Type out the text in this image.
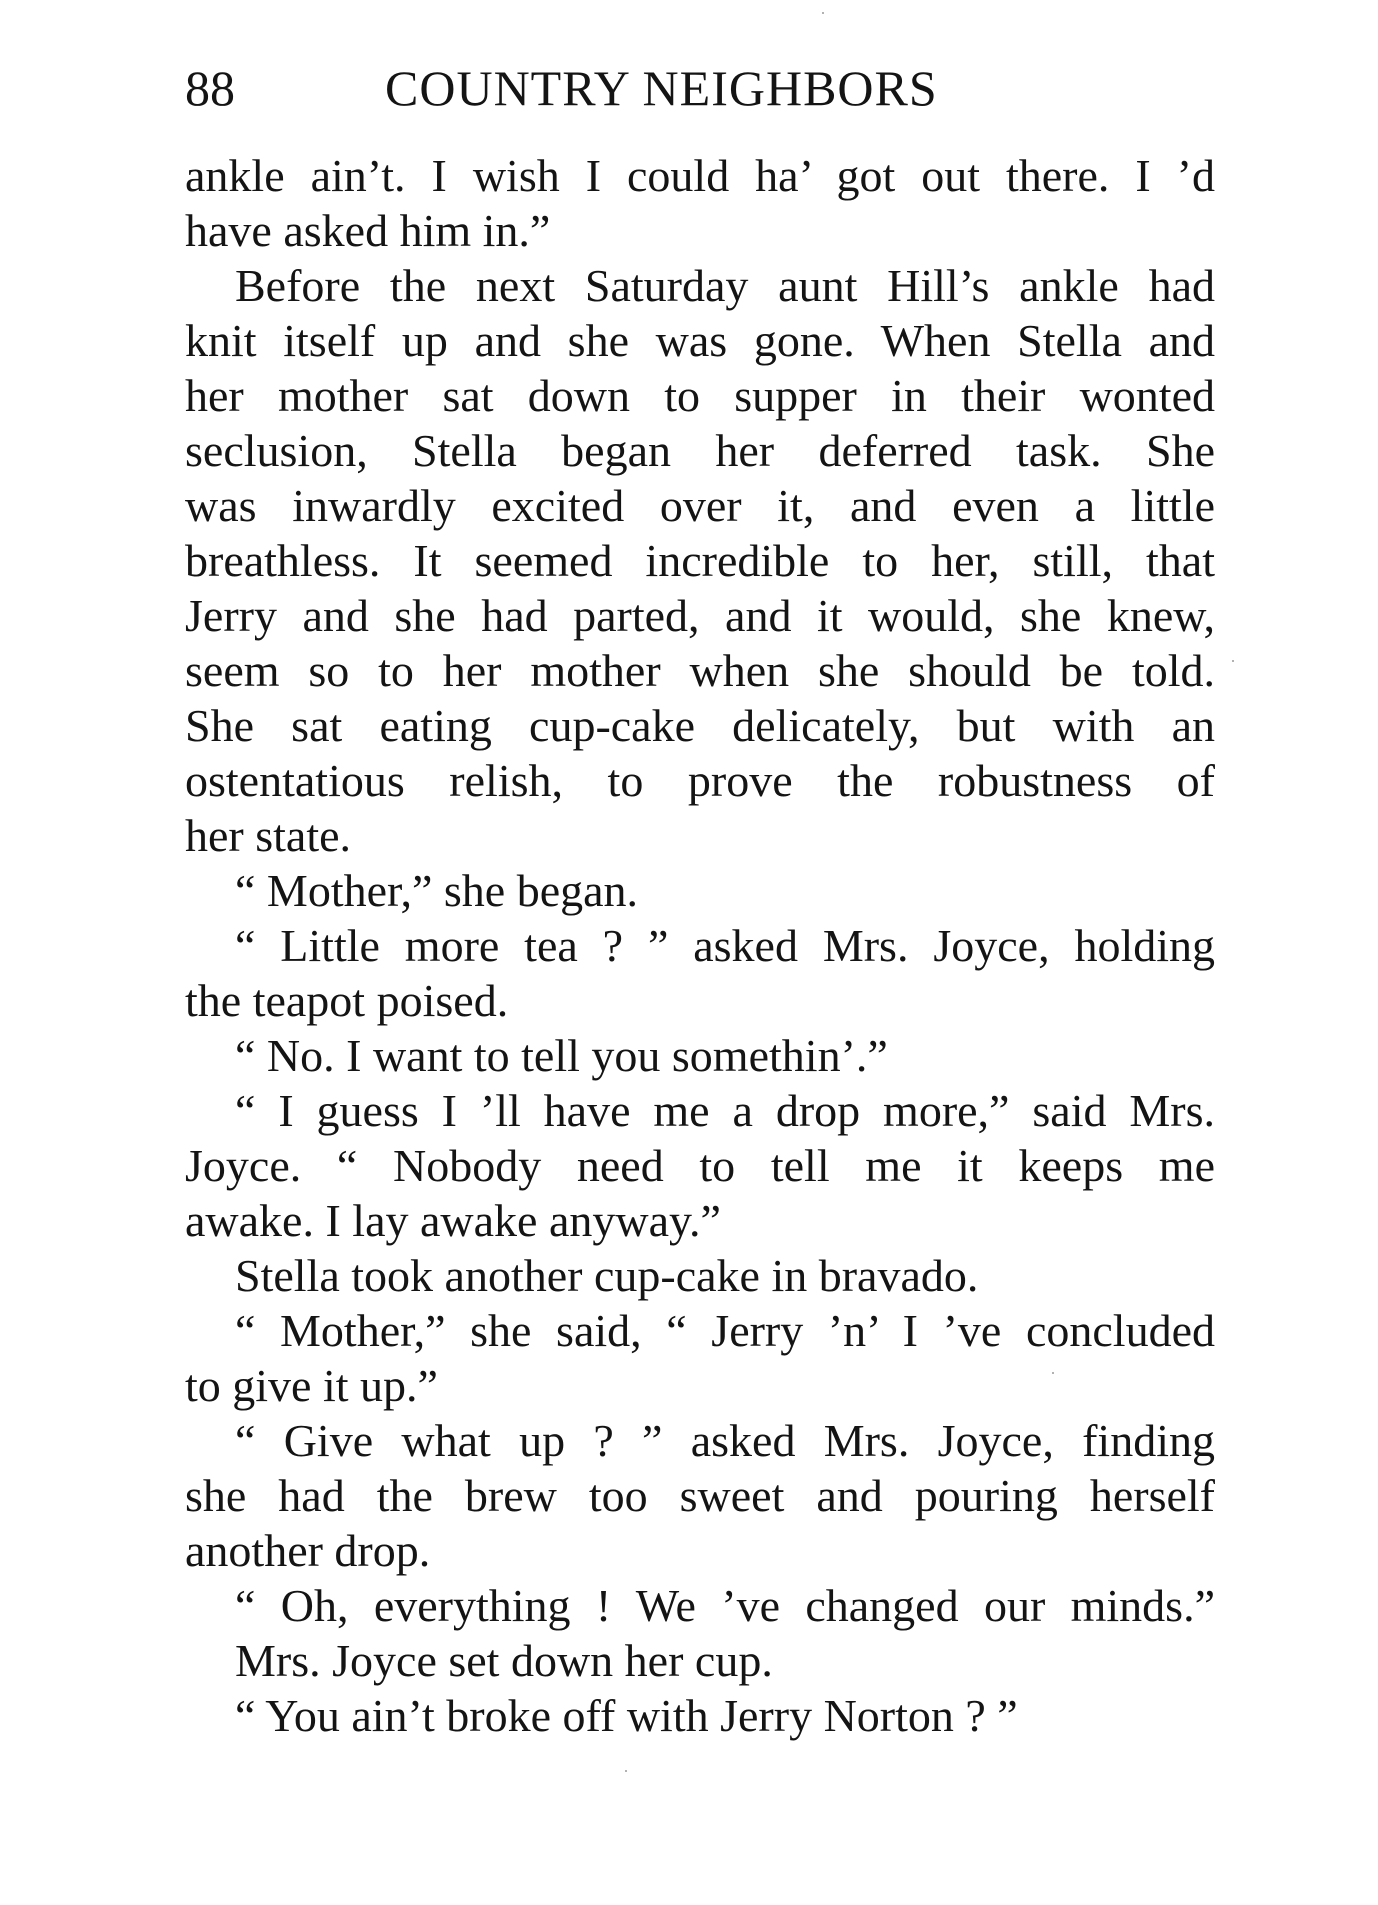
88	COUNTRY NEIGHBORS
ankle ain’t. I wish I could ha’ got out there. I ’d
have asked him in.”
Before the next Saturday aunt Hill’s ankle had
knit itself up and she was gone. When Stella and
her mother sat down to supper in their wonted
seclusion, Stella began her deferred task. She
was inwardly excited over it, and even a little
breathless. It seemed incredible to her, still, that
Jerry and she had parted, and it would, she knew,
seem so to her mother when she should be told.
She sat eating cup-cake delicately, but with an
ostentatious relish, to prove the robustness of
her state.
“ Mother,” she began.
“ Little more tea ? ” asked Mrs. Joyce, holding
the teapot poised.
“ No. I want to tell you somethin’.”
“ I guess I ’ll have me a drop more,” said Mrs.
Joyce. “ Nobody need to tell me it keeps me
awake. I lay awake anyway.”
Stella took another cup-cake in bravado.
“ Mother,” she said, “ Jerry ’n’ I ’ve concluded
to give it up.”
“ Give what up ? ” asked Mrs. Joyce, finding
she had the brew too sweet and pouring herself
another drop.
“ Oh, everything ! We ’ve changed our minds.”
Mrs. Joyce set down her cup.
“ You ain’t broke off with Jerry Norton ? ”
